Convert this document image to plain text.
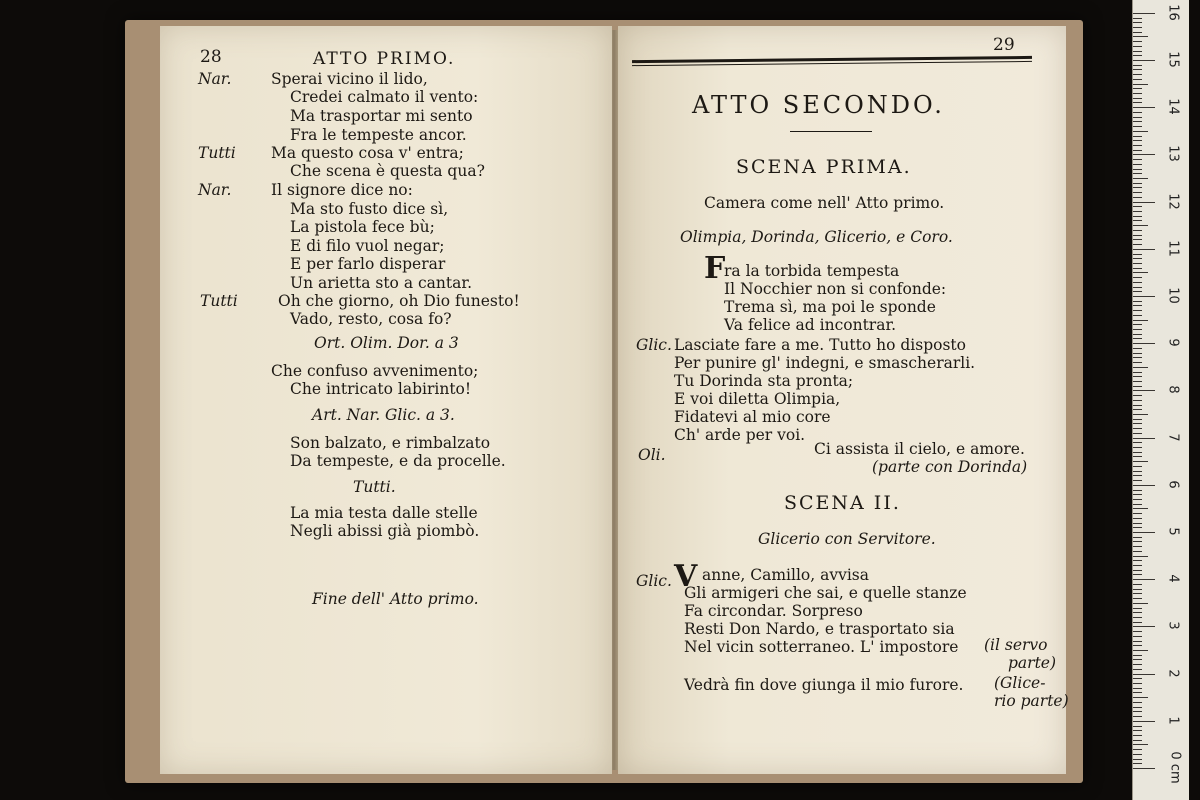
28	ATTO PRIMO.
Nar.	Sperai vicino il lido,
Credei calmato il vento:
Ma trasportar mi sento
Fra le tempeste ancor.
Tutti Ma questo cosa v' entra;
Che scena è questa qua?
Nar.	Il signore dice no:
Ma sto fusto dice sì,
La pistola fece bù;
E di filo vuol negar;
E per farlo disperar
Un arietta sto a cantar.
Tutti	Oh che giorno, oh Dio funesto!
Vado, resto, cosa fo?
Ort. Olim. Dor. a 3
Che confuso avvenimento;
Che intricato labirinto!
Art. Nar. Glic. a 3.
Son balzato, e rimbalzato
Da tempeste, e da procelle.
Tutti.
La mia testa dalle stelle
Negli abissi già piombò.
Fine dell' Atto primo.
29
ATTO SECONDO.
SCENA PRIMA.
Camera come nell' Atto primo.
Olimpia, Dorinda, Glicerio, e Coro.
F
ra la torbida tempesta
Il Nocchier non si confonde:
Trema sì, ma poi le sponde
Va felice ad incontrar.
Glic. Lasciate fare a me. Tutto ho disposto
Per punire gl' indegni, e smascherarli.
Tu Dorinda sta pronta;
E voi diletta Olimpia,
Fidatevi al mio core
Ch' arde per voi.
Oli.	Ci assista il cielo, e amore.
(parte con Dorinda)
SCENA II.
Glicerio con Servitore.
Glic. V anne, Camillo, avvisa
Gli armigeri che sai, e quelle stanze
Fa circondar. Sorpreso
Resti Don Nardo, e trasportato sia
Nel vicin sotterraneo. L' impostore (il servo
parte)
Vedrà fin dove giunga il mio furore. (Glice-
rio parte)
0 cm
1
2
3
4
5
6
7
8
9
10
11
12
13
14
15
16
